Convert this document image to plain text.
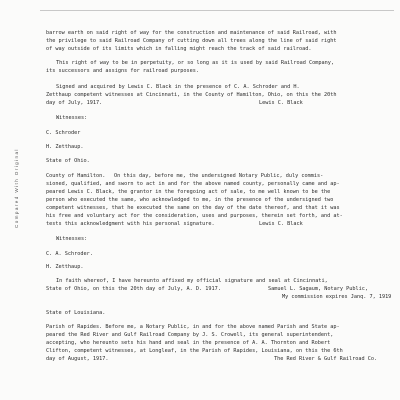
Compared With Original
barrow earth on said right of way for the construction and maintenance of said Railroad, with
the privilege to said Railroad Company of cutting down all trees along the line of said right
of way outside of its limits which in falling might reach the track of said railroad.
This right of way to be in perpetuity, or so long as it is used by said Railroad Company,
its successors and assigns for railroad purposes.
Signed and acquired by Lewis C. Black in the presence of C. A. Schroder and H.
Zetthaup competent witnesses at Cincinnati, in the County of Hamilton, Ohio, on this the 20th
day of July, 1917.	Lewis C. Black
Witnesses:
C. Schroder
H. Zetthaup.
State of Ohio.
County of Hamilton. On this day, before me, the undersigned Notary Public, duly commis-
sioned, qualified, and sworn to act in and for the above named county, personally came and ap-
peared Lewis C. Black, the grantor in the foregoing act of sale, to me well known to be the
person who executed the same, who acknowledged to me, in the presence of the undersigned two
competent witnesses, that he executed the same on the day of the date thereof, and that it was
his free and voluntary act for the consideration, uses and purposes, therein set forth, and at-
tests this acknowledgment with his personal signature.	Lewis C. Black
Witnesses:
C. A. Schroder.
H. Zetthaup.
In faith whereof, I have hereunto affixed my official signature and seal at Cincinnati,
State of Ohio, on this the 20th day of July, A. D. 1917.	Samuel L. Sagaum, Notary Public,
My commission expires Janq. 7, 1919
State of Louisiana.
Parish of Rapides. Before me, a Notary Public, in and for the above named Parish and State ap-
peared the Red River and Gulf Railroad Company by J. S. Crowell, its general superintendent,
accepting, who hereunto sets his hand and seal in the presence of A. A. Thornton and Robert
Clifton, competent witnesses, at Longleaf, in the Parish of Rapides, Louisiana, on this the 6th
day of August, 1917.	The Red River & Gulf Railroad Co.
